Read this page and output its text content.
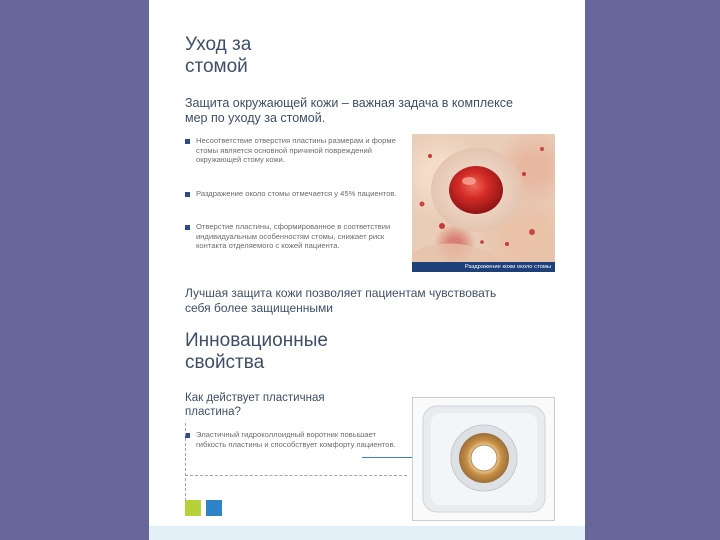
Уход за
стомой
Защита окружающей кожи – важная задача в комплексе мер по уходу за стомой.
Несоответствие отверстия пластины размерам и форме стомы является основной причиной повреждений окружающей стому кожи.
Раздражение около стомы отмечается у 45% пациентов.
Отверстие пластины, сформированное в соответствии индивидуальным особенностям стомы, снижает риск контакта отделяемого с кожей пациента.
Раздражение кожи около стомы
Лучшая защита кожи позволяет пациентам чувствовать себя более защищенными
Инновационные
свойства
Как действует пластичная пластина?
Эластичный гидроколлоидный воротник повышает гибкость пластины и способствует комфорту пациентов.
